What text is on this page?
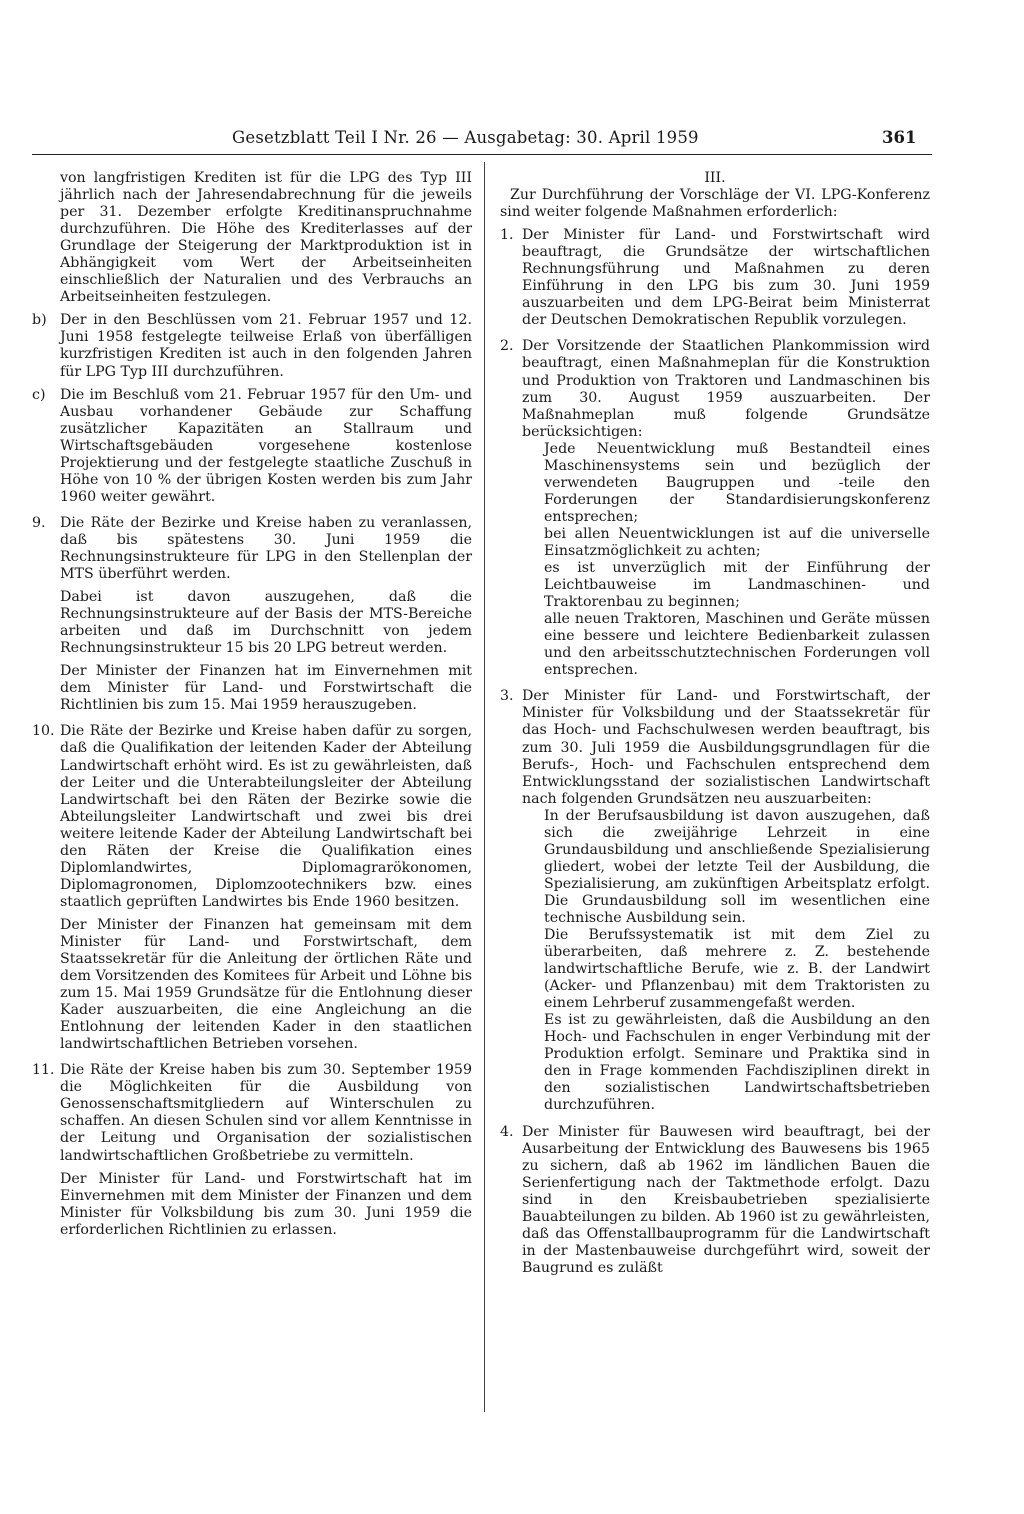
Gesetzblatt Teil I Nr. 26 — Ausgabetag: 30. April 1959	361

von langfristigen Krediten ist für die LPG des Typ III jährlich nach der Jahresendabrechnung für die jeweils per 31. Dezember erfolgte Kreditinanspruchnahme durchzuführen. Die Höhe des Krediterlasses auf der Grundlage der Steigerung der Marktproduktion ist in Abhängigkeit vom Wert der Arbeitseinheiten einschließlich der Naturalien und des Verbrauchs an Arbeitseinheiten festzulegen.

b) Der in den Beschlüssen vom 21. Februar 1957 und 12. Juni 1958 festgelegte teilweise Erlaß von überfälligen kurzfristigen Krediten ist auch in den folgenden Jahren für LPG Typ III durchzuführen.

c) Die im Beschluß vom 21. Februar 1957 für den Um- und Ausbau vorhandener Gebäude zur Schaffung zusätzlicher Kapazitäten an Stallraum und Wirtschaftsgebäuden vorgesehene kostenlose Projektierung und der festgelegte staatliche Zuschuß in Höhe von 10 % der übrigen Kosten werden bis zum Jahr 1960 weiter gewährt.

9. Die Räte der Bezirke und Kreise haben zu veranlassen, daß bis spätestens 30. Juni 1959 die Rechnungsinstrukteure für LPG in den Stellenplan der MTS überführt werden.

Dabei ist davon auszugehen, daß die Rechnungsinstrukteure auf der Basis der MTS-Bereiche arbeiten und daß im Durchschnitt von jedem Rechnungsinstrukteur 15 bis 20 LPG betreut werden.

Der Minister der Finanzen hat im Einvernehmen mit dem Minister für Land- und Forstwirtschaft die Richtlinien bis zum 15. Mai 1959 herauszugeben.

10. Die Räte der Bezirke und Kreise haben dafür zu sorgen, daß die Qualifikation der leitenden Kader der Abteilung Landwirtschaft erhöht wird. Es ist zu gewährleisten, daß der Leiter und die Unterabteilungsleiter der Abteilung Landwirtschaft bei den Räten der Bezirke sowie die Abteilungsleiter Landwirtschaft und zwei bis drei weitere leitende Kader der Abteilung Landwirtschaft bei den Räten der Kreise die Qualifikation eines Diplomlandwirtes, Diplomagrarökonomen, Diplomagronomen, Diplomzootechnikers bzw. eines staatlich geprüften Landwirtes bis Ende 1960 besitzen.

Der Minister der Finanzen hat gemeinsam mit dem Minister für Land- und Forstwirtschaft, dem Staatssekretär für die Anleitung der örtlichen Räte und dem Vorsitzenden des Komitees für Arbeit und Löhne bis zum 15. Mai 1959 Grundsätze für die Entlohnung dieser Kader auszuarbeiten, die eine Angleichung an die Entlohnung der leitenden Kader in den staatlichen landwirtschaftlichen Betrieben vorsehen.

11. Die Räte der Kreise haben bis zum 30. September 1959 die Möglichkeiten für die Ausbildung von Genossenschaftsmitgliedern auf Winterschulen zu schaffen. An diesen Schulen sind vor allem Kenntnisse in der Leitung und Organisation der sozialistischen landwirtschaftlichen Großbetriebe zu vermitteln.

Der Minister für Land- und Forstwirtschaft hat im Einvernehmen mit dem Minister der Finanzen und dem Minister für Volksbildung bis zum 30. Juni 1959 die erforderlichen Richtlinien zu erlassen.

III.

Zur Durchführung der Vorschläge der VI. LPG-Konferenz sind weiter folgende Maßnahmen erforderlich:

1. Der Minister für Land- und Forstwirtschaft wird beauftragt, die Grundsätze der wirtschaftlichen Rechnungsführung und Maßnahmen zu deren Einführung in den LPG bis zum 30. Juni 1959 auszuarbeiten und dem LPG-Beirat beim Ministerrat der Deutschen Demokratischen Republik vorzulegen.

2. Der Vorsitzende der Staatlichen Plankommission wird beauftragt, einen Maßnahmeplan für die Konstruktion und Produktion von Traktoren und Landmaschinen bis zum 30. August 1959 auszuarbeiten. Der Maßnahmeplan muß folgende Grundsätze berücksichtigen:

Jede Neuentwicklung muß Bestandteil eines Maschinensystems sein und bezüglich der verwendeten Baugruppen und -teile den Forderungen der Standardisierungskonferenz entsprechen;

bei allen Neuentwicklungen ist auf die universelle Einsatzmöglichkeit zu achten;

es ist unverzüglich mit der Einführung der Leichtbauweise im Landmaschinen- und Traktorenbau zu beginnen;

alle neuen Traktoren, Maschinen und Geräte müssen eine bessere und leichtere Bedienbarkeit zulassen und den arbeitsschutztechnischen Forderungen voll entsprechen.

3. Der Minister für Land- und Forstwirtschaft, der Minister für Volksbildung und der Staatssekretär für das Hoch- und Fachschulwesen werden beauftragt, bis zum 30. Juli 1959 die Ausbildungsgrundlagen für die Berufs-, Hoch- und Fachschulen entsprechend dem Entwicklungsstand der sozialistischen Landwirtschaft nach folgenden Grundsätzen neu auszuarbeiten:

In der Berufsausbildung ist davon auszugehen, daß sich die zweijährige Lehrzeit in eine Grundausbildung und anschließende Spezialisierung gliedert, wobei der letzte Teil der Ausbildung, die Spezialisierung, am zukünftigen Arbeitsplatz erfolgt. Die Grundausbildung soll im wesentlichen eine technische Ausbildung sein.

Die Berufssystematik ist mit dem Ziel zu überarbeiten, daß mehrere z. Z. bestehende landwirtschaftliche Berufe, wie z. B. der Landwirt (Acker- und Pflanzenbau) mit dem Traktoristen zu einem Lehrberuf zusammengefaßt werden.

Es ist zu gewährleisten, daß die Ausbildung an den Hoch- und Fachschulen in enger Verbindung mit der Produktion erfolgt. Seminare und Praktika sind in den in Frage kommenden Fachdisziplinen direkt in den sozialistischen Landwirtschaftsbetrieben durchzuführen.

4. Der Minister für Bauwesen wird beauftragt, bei der Ausarbeitung der Entwicklung des Bauwesens bis 1965 zu sichern, daß ab 1962 im ländlichen Bauen die Serienfertigung nach der Taktmethode erfolgt. Dazu sind in den Kreisbaubetrieben spezialisierte Bauabteilungen zu bilden. Ab 1960 ist zu gewährleisten, daß das Offenstallbauprogramm für die Landwirtschaft in der Mastenbauweise durchgeführt wird, soweit der Baugrund es zuläßt
